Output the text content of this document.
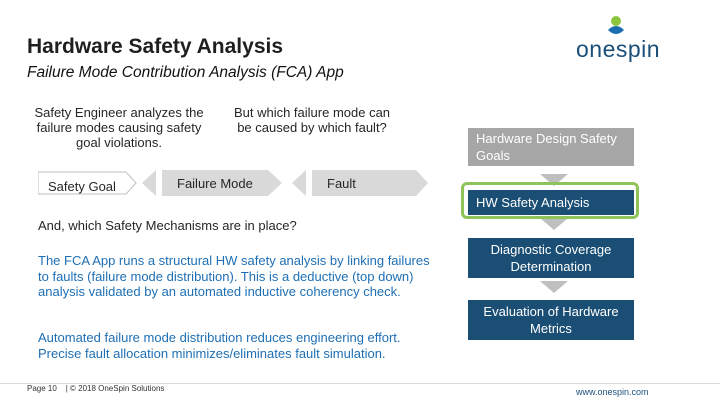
Hardware Safety Analysis
Failure Mode Contribution Analysis (FCA) App
onespin
Safety Engineer analyzes the failure modes causing safety goal violations.
But which failure mode can be caused by which fault?
Safety Goal	Failure Mode	Fault
And, which Safety Mechanisms are in place?
The FCA App runs a structural HW safety analysis by linking failures to faults (failure mode distribution). This is a deductive (top down) analysis validated by an automated inductive coherency check.
Automated failure mode distribution reduces engineering effort. Precise fault allocation minimizes/eliminates fault simulation.
Hardware Design Safety Goals
HW Safety Analysis
Diagnostic Coverage Determination
Evaluation of Hardware Metrics
Page 10    | © 2018 OneSpin Solutions	www.onespin.com
